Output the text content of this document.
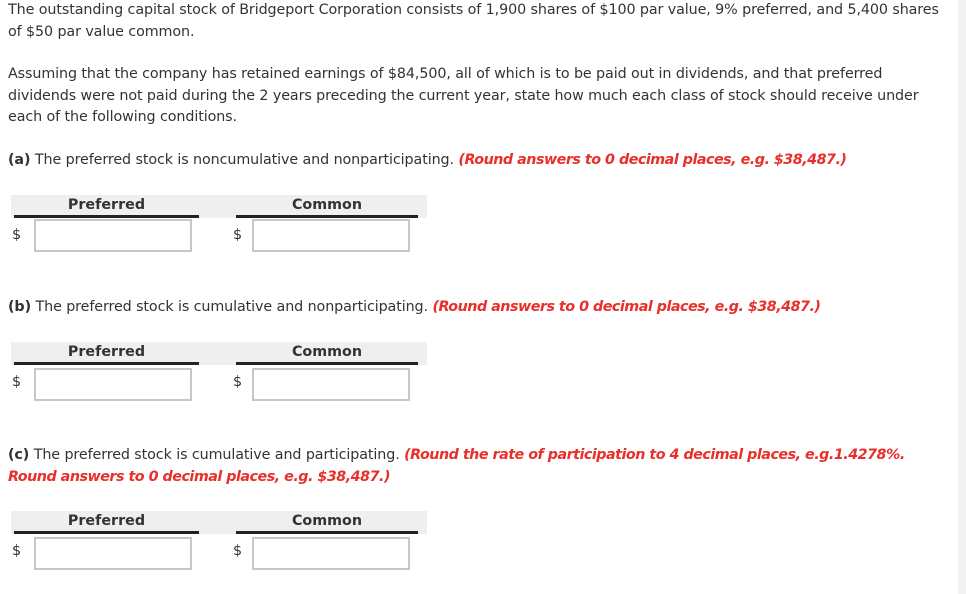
The outstanding capital stock of Bridgeport Corporation consists of 1,900 shares of $100 par value, 9% preferred, and 5,400 shares of $50 par value common.

Assuming that the company has retained earnings of $84,500, all of which is to be paid out in dividends, and that preferred dividends were not paid during the 2 years preceding the current year, state how much each class of stock should receive under each of the following conditions.

(a) The preferred stock is noncumulative and nonparticipating. (Round answers to 0 decimal places, e.g. $38,487.)

Preferred	Common
$	$

(b) The preferred stock is cumulative and nonparticipating. (Round answers to 0 decimal places, e.g. $38,487.)

Preferred	Common
$	$

(c) The preferred stock is cumulative and participating. (Round the rate of participation to 4 decimal places, e.g.1.4278%. Round answers to 0 decimal places, e.g. $38,487.)

Preferred	Common
$	$
